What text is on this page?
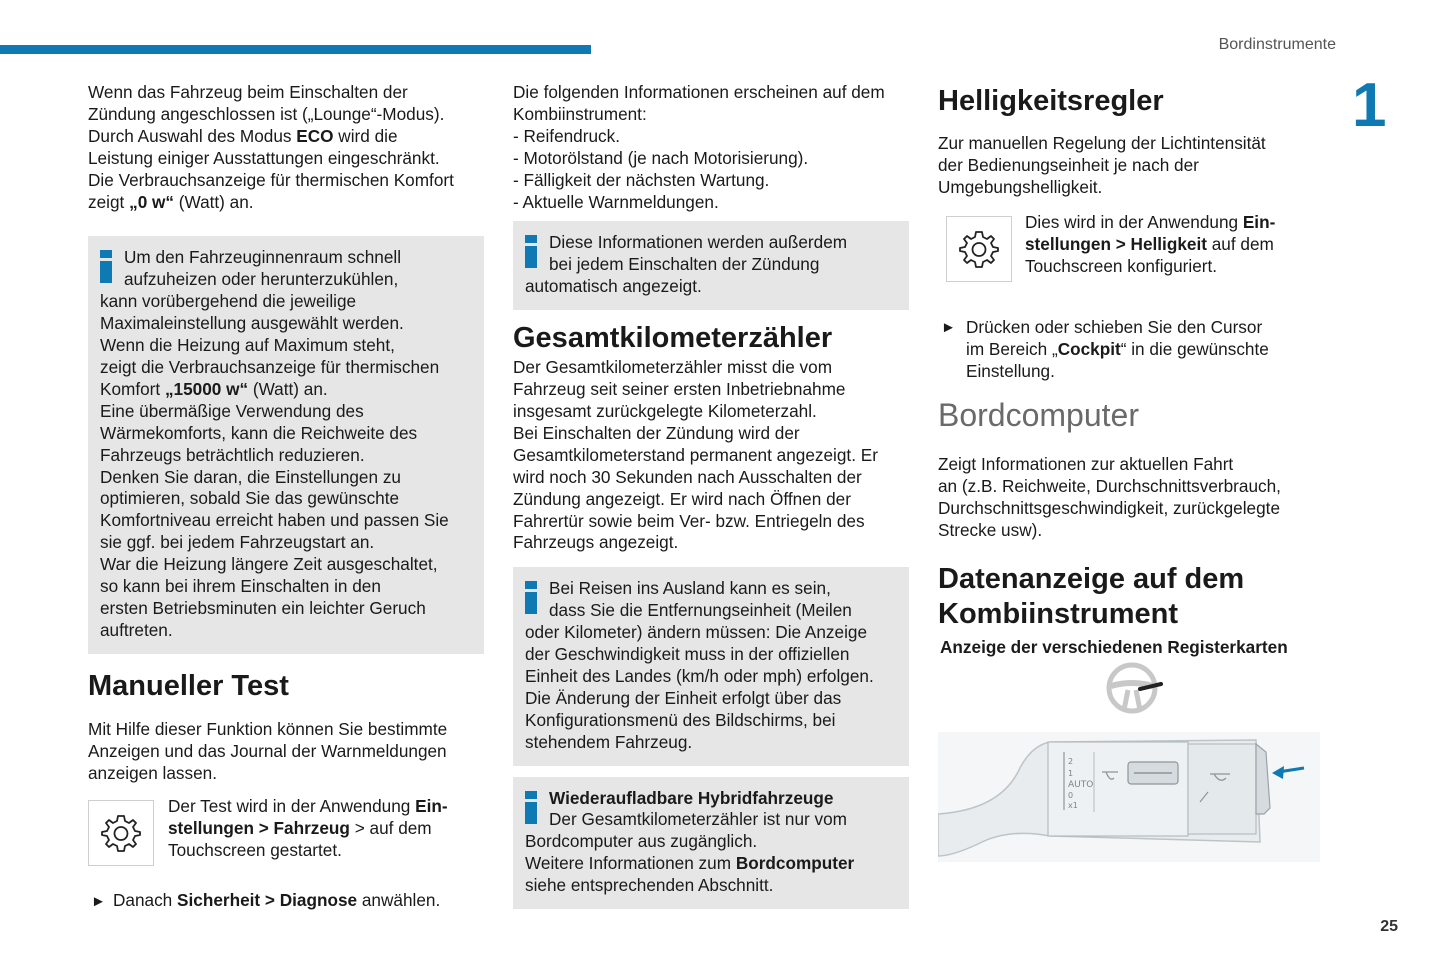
Bordinstrumente
1
25

Wenn das Fahrzeug beim Einschalten der
Zündung angeschlossen ist („Lounge“-Modus).
Durch Auswahl des Modus ECO wird die
Leistung einiger Ausstattungen eingeschränkt.
Die Verbrauchsanzeige für thermischen Komfort
zeigt „0 w“ (Watt) an.

Um den Fahrzeuginnenraum schnell
aufzuheizen oder herunterzukühlen,
kann vorübergehend die jeweilige
Maximaleinstellung ausgewählt werden.
Wenn die Heizung auf Maximum steht,
zeigt die Verbrauchsanzeige für thermischen
Komfort „15000 w“ (Watt) an.
Eine übermäßige Verwendung des
Wärmekomforts, kann die Reichweite des
Fahrzeugs beträchtlich reduzieren.
Denken Sie daran, die Einstellungen zu
optimieren, sobald Sie das gewünschte
Komfortniveau erreicht haben und passen Sie
sie ggf. bei jedem Fahrzeugstart an.
War die Heizung längere Zeit ausgeschaltet,
so kann bei ihrem Einschalten in den
ersten Betriebsminuten ein leichter Geruch
auftreten.
Manueller Test

Mit Hilfe dieser Funktion können Sie bestimmte
Anzeigen und das Journal der Warnmeldungen
anzeigen lassen.

Der Test wird in der Anwendung Ein-
stellungen > Fahrzeug > auf dem
Touchscreen gestartet.

► Danach Sicherheit > Diagnose anwählen.

Die folgenden Informationen erscheinen auf dem
Kombiinstrument:
- Reifendruck.
- Motorölstand (je nach Motorisierung).
- Fälligkeit der nächsten Wartung.
- Aktuelle Warnmeldungen.

Diese Informationen werden außerdem
bei jedem Einschalten der Zündung
automatisch angezeigt.
Gesamtkilometerzähler

Der Gesamtkilometerzähler misst die vom
Fahrzeug seit seiner ersten Inbetriebnahme
insgesamt zurückgelegte Kilometerzahl.
Bei Einschalten der Zündung wird der
Gesamtkilometerstand permanent angezeigt. Er
wird noch 30 Sekunden nach Ausschalten der
Zündung angezeigt. Er wird nach Öffnen der
Fahrertür sowie beim Ver- bzw. Entriegeln des
Fahrzeugs angezeigt.

Bei Reisen ins Ausland kann es sein,
dass Sie die Entfernungseinheit (Meilen
oder Kilometer) ändern müssen: Die Anzeige
der Geschwindigkeit muss in der offiziellen
Einheit des Landes (km/h oder mph) erfolgen.
Die Änderung der Einheit erfolgt über das
Konfigurationsmenü des Bildschirms, bei
stehendem Fahrzeug.
Wiederaufladbare Hybridfahrzeuge
Der Gesamtkilometerzähler ist nur vom
Bordcomputer aus zugänglich.
Weitere Informationen zum Bordcomputer
siehe entsprechenden Abschnitt.
Helligkeitsregler

Zur manuellen Regelung der Lichtintensität
der Bedienungseinheit je nach der
Umgebungshelligkeit.

Dies wird in der Anwendung Ein-
stellungen > Helligkeit auf dem
Touchscreen konfiguriert.

► Drücken oder schieben Sie den Cursor
im Bereich „Cockpit“ in die gewünschte
Einstellung.

Bordcomputer

Zeigt Informationen zur aktuellen Fahrt
an (z.B. Reichweite, Durchschnittsverbrauch,
Durchschnittsgeschwindigkeit, zurückgelegte
Strecke usw).

Datenanzeige auf dem
Kombiinstrument
Anzeige der verschiedenen Registerkarten
2
1
AUTO
0
x1
